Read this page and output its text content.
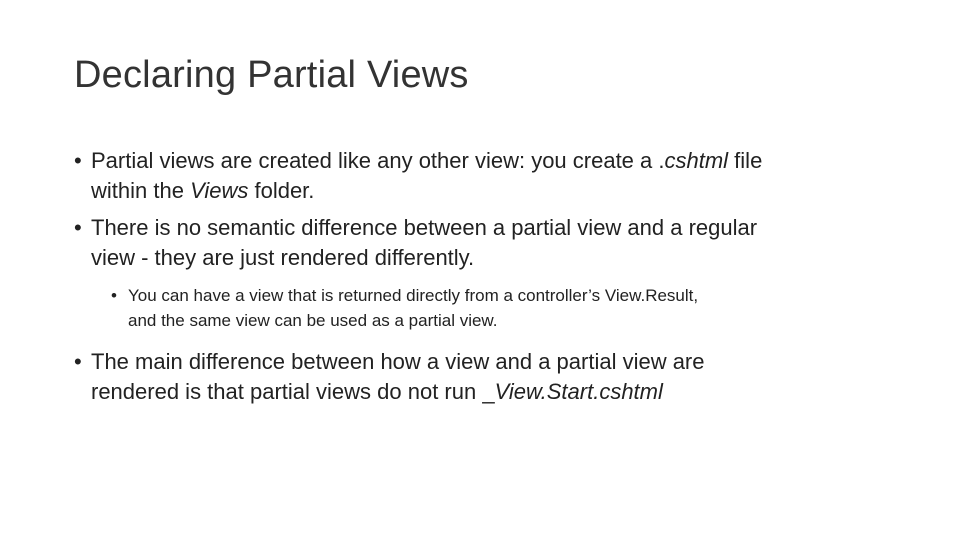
Declaring Partial Views
• Partial views are created like any other view: you create a .cshtml file
within the Views folder.
• There is no semantic difference between a partial view and a regular
view - they are just rendered differently.
• You can have a view that is returned directly from a controller’s View.Result,
and the same view can be used as a partial view.
• The main difference between how a view and a partial view are
rendered is that partial views do not run _View.Start.cshtml
